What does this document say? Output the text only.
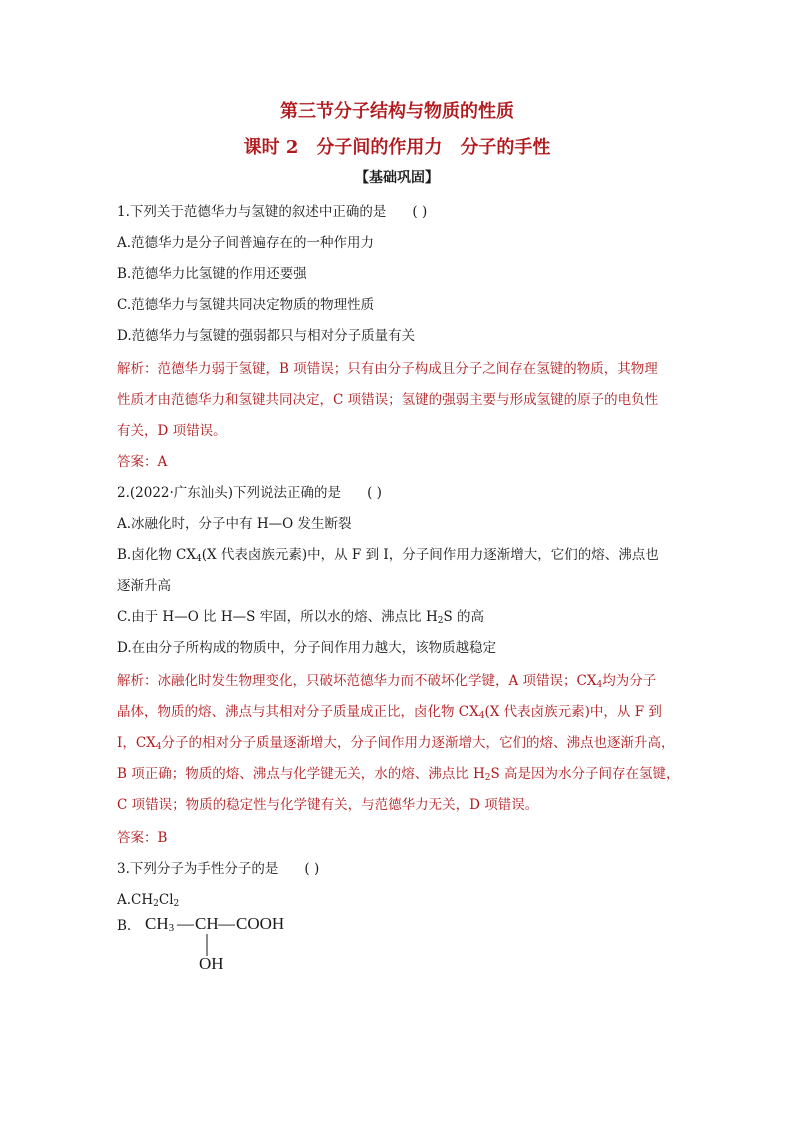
第三节分子结构与物质的性质
课时 2 分子间的作用力 分子的手性
【基础巩固】
1.下列关于范德华力与氢键的叙述中正确的是 ( )
A.范德华力是分子间普遍存在的一种作用力
B.范德华力比氢键的作用还要强
C.范德华力与氢键共同决定物质的物理性质
D.范德华力与氢键的强弱都只与相对分子质量有关
解析：范德华力弱于氢键，B 项错误；只有由分子构成且分子之间存在氢键的物质，其物理
性质才由范德华力和氢键共同决定，C 项错误；氢键的强弱主要与形成氢键的原子的电负性
有关，D 项错误。
答案：A
2.(2022·广东汕头)下列说法正确的是 ( )
A.冰融化时，分子中有 H—O 发生断裂
B.卤化物 $CX_4(X$ 代表卤族元素)中，从 F 到 I，分子间作用力逐渐增大，它们的熔、沸点也
逐渐升高
C.由于 H—O 比 H—S 牢固，所以水的熔、沸点比 $H_2S$ 的高
D.在由分子所构成的物质中，分子间作用力越大，该物质越稳定
解析：冰融化时发生物理变化，只破坏范德华力而不破坏化学键，A 项错误；$CX_4$均为分子
晶体，物质的熔、沸点与其相对分子质量成正比，卤化物 $CX_4(X$ 代表卤族元素)中，从 F 到
I，$CX_4$分子的相对分子质量逐渐增大，分子间作用力逐渐增大，它们的熔、沸点也逐渐升高，
B 项正确；物质的熔、沸点与化学键无关，水的熔、沸点比 $H_2S$ 高是因为水分子间存在氢键，
C 项错误；物质的稳定性与化学键有关，与范德华力无关，D 项错误。
答案：B
3.下列分子为手性分子的是 ( )
$A.CH_2Cl_2$
B. CH3 — CH — COOH
OH
